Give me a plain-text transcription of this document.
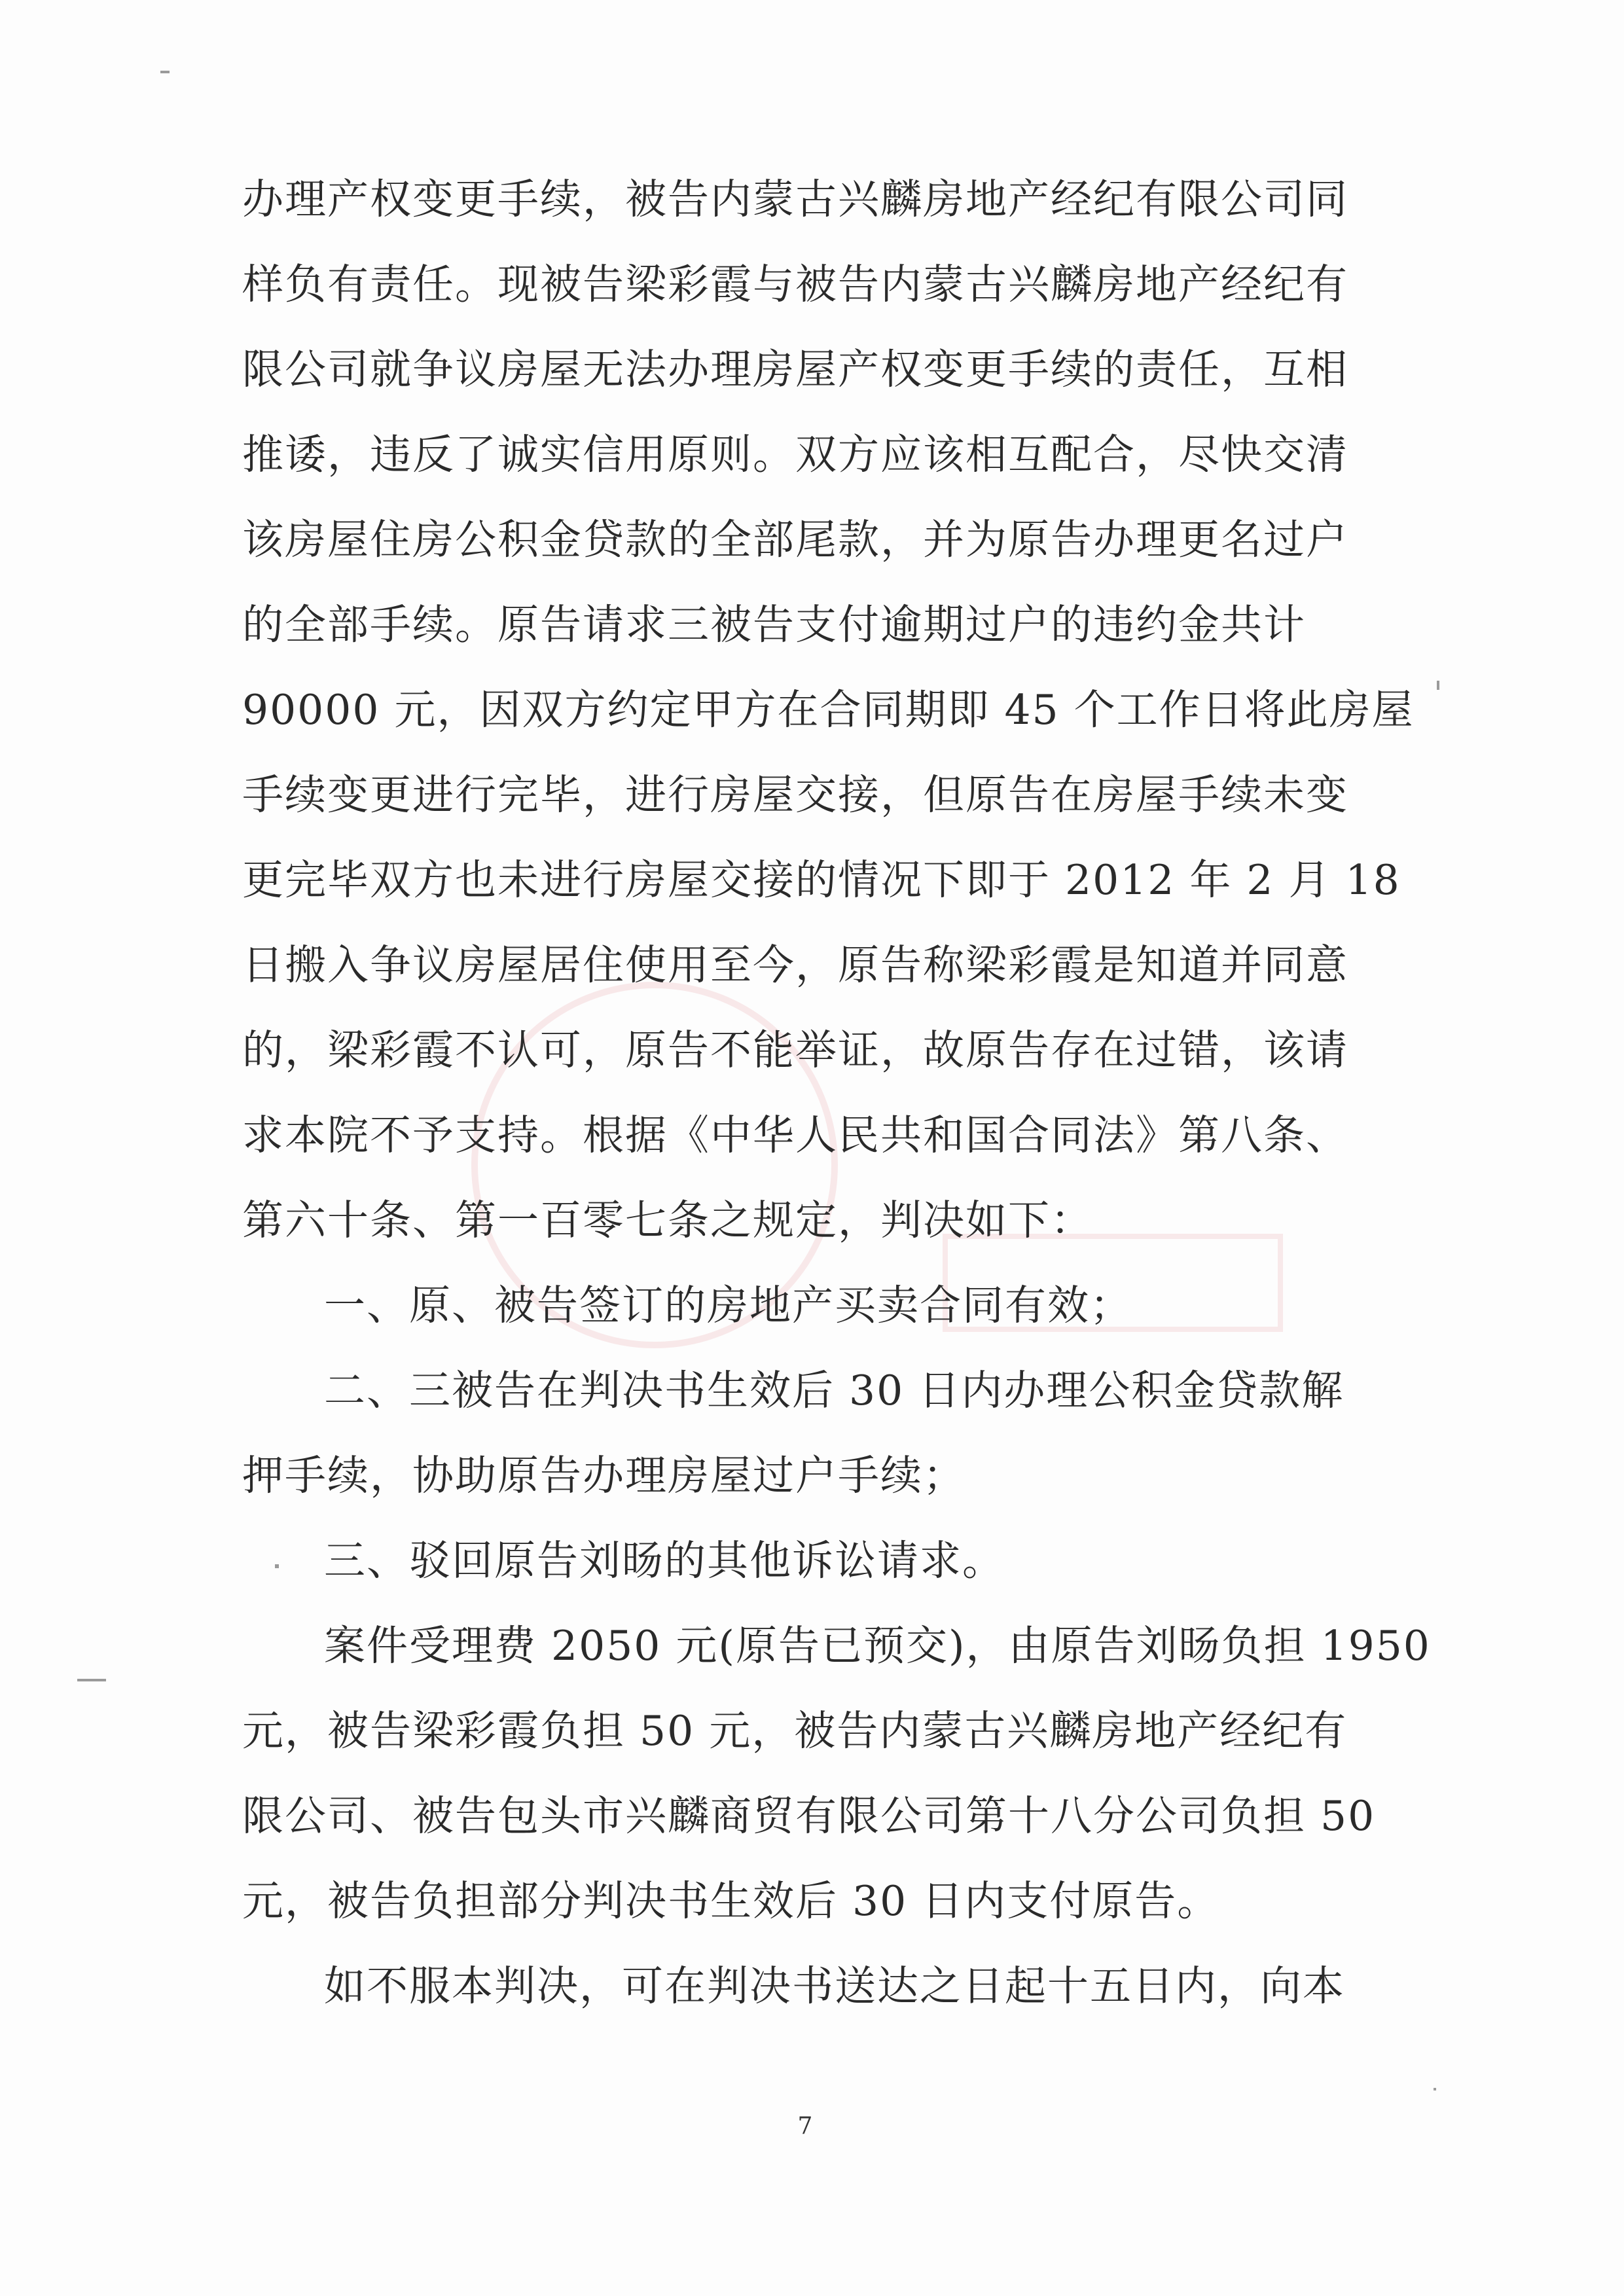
办理产权变更手续，被告内蒙古兴麟房地产经纪有限公司同
样负有责任。现被告梁彩霞与被告内蒙古兴麟房地产经纪有
限公司就争议房屋无法办理房屋产权变更手续的责任，互相
推诿，违反了诚实信用原则。双方应该相互配合，尽快交清
该房屋住房公积金贷款的全部尾款，并为原告办理更名过户
的全部手续。原告请求三被告支付逾期过户的违约金共计
90000 元，因双方约定甲方在合同期即 45 个工作日将此房屋
手续变更进行完毕，进行房屋交接，但原告在房屋手续未变
更完毕双方也未进行房屋交接的情况下即于 2012 年 2 月 18
日搬入争议房屋居住使用至今，原告称梁彩霞是知道并同意
的，梁彩霞不认可，原告不能举证，故原告存在过错，该请
求本院不予支持。根据《中华人民共和国合同法》第八条、
第六十条、第一百零七条之规定，判决如下：
一、原、被告签订的房地产买卖合同有效；
二、三被告在判决书生效后 30 日内办理公积金贷款解
押手续，协助原告办理房屋过户手续；
三、驳回原告刘旸的其他诉讼请求。
案件受理费 2050 元(原告已预交)，由原告刘旸负担 1950
元，被告梁彩霞负担 50 元，被告内蒙古兴麟房地产经纪有
限公司、被告包头市兴麟商贸有限公司第十八分公司负担 50
元，被告负担部分判决书生效后 30 日内支付原告。
如不服本判决，可在判决书送达之日起十五日内，向本
7
